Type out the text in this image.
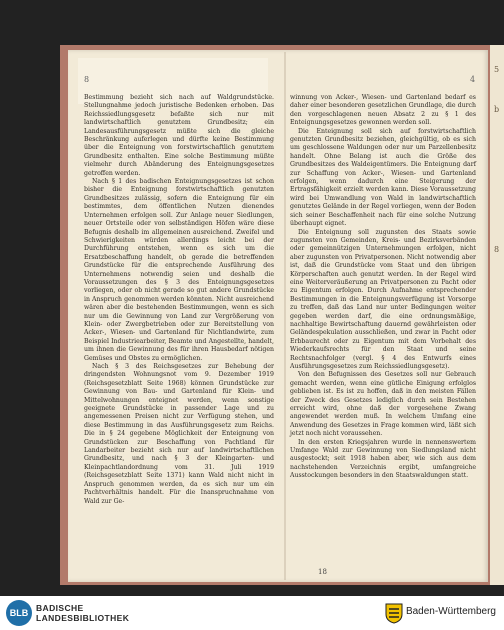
5
b
8
8	4

Bestimmung bezieht sich nach auf Waldgrundstücke. Stellungnahme jedoch juristische Bedenken erhoben. Das Reichssiedlungsgesetz befaßte sich nur mit landwirtschaftlich genutztem Grundbesitz; ein Landesausführungsgesetz müßte sich die gleiche Beschränkung auferlegen und dürfte keine Bestimmung über die Enteignung von forstwirtschaftlich genutztem Grundbesitz enthalten. Eine solche Bestimmung müßte vielmehr durch Abänderung des Enteignungsgesetzes getroffen werden.

Nach § 1 des badischen Enteignungsgesetzes ist schon bisher die Enteignung forstwirtschaftlich genutzten Grundbesitzes zulässig, sofern die Enteignung für ein bestimmtes, dem öffentlichen Nutzen dienendes Unternehmen erfolgen soll. Zur Anlage neuer Siedlungen, neuer Ortsteile oder von selbständigen Höfen wäre diese Befugnis deshalb im allgemeinen ausreichend. Zweifel und Schwierigkeiten würden allerdings leicht bei der Durchführung entstehen, wenn es sich um die Ersatzbeschaffung handelt, ob gerade die betreffenden Grundstücke für die entsprechende Ausführung des Unternehmens notwendig seien und deshalb die Voraussetzungen des § 3 des Enteignungsgesetzes vorliegen, oder ob nicht gerade so gut andere Grundstücke in Anspruch genommen werden könnten. Nicht ausreichend wären aber die bestehenden Bestimmungen, wenn es sich nur um die Gewinnung von Land zur Vergrößerung von Klein- oder Zwergbetrieben oder zur Bereitstellung von Acker-, Wiesen- und Gartenland für Nichtlandwirte, zum Beispiel Industriearbeiter, Beamte und Angestellte, handelt, um ihnen die Gewinnung des für ihren Hausbedarf nötigen Gemüses und Obstes zu ermöglichen.

Nach § 3 des Reichsgesetzes zur Behebung der dringendsten Wohnungsnot vom 9. Dezember 1919 (Reichsgesetzblatt Seite 1968) können Grundstücke zur Gewinnung von Bau- und Gartenland für Klein- und Mittelwohnungen enteignet werden, wenn sonstige geeignete Grundstücke in passender Lage und zu angemessenen Preisen nicht zur Verfügung stehen, und diese Bestimmung in das Ausführungsgesetz zum Reichs. Die in § 24 gegebene Möglichkeit der Enteignung von Grundstücken zur Beschaffung von Pachtland für Landarbeiter bezieht sich nur auf landwirtschaftlichen Grundbesitz, und nach § 3 der Kleingarten- und Kleinpachtlandordnung vom 31. Juli 1919 (Reichsgesetzblatt Seite 1371) kann Wald nicht nicht in Anspruch genommen werden, da es sich nur um ein Pachtverhältnis handelt. Für die Inanspruchnahme von Wald zur Ge-

winnung von Acker-, Wiesen- und Gartenland bedarf es daher einer besonderen gesetzlichen Grundlage, die durch den vorgeschlagenen neuen Absatz 2 zu § 1 des Enteignungsgesetzes gewonnen werden soll.

Die Enteignung soll sich auf forstwirtschaftlich genutzten Grundbesitz beziehen, gleichgültig, ob es sich um geschlossene Waldungen oder nur um Parzellenbesitz handelt. Ohne Belang ist auch die Größe des Grundbesitzes des Waldeigentümers. Die Enteignung darf zur Schaffung von Acker-, Wiesen- und Gartenland erfolgen, wenn dadurch eine Steigerung der Ertragsfähigkeit erzielt werden kann. Diese Voraussetzung wird bei Umwandlung von Wald in landwirtschaftlich genutztes Gelände in der Regel vorliegen, wenn der Boden sich seiner Beschaffenheit nach für eine solche Nutzung überhaupt eignet.

Die Enteignung soll zugunsten des Staats sowie zugunsten von Gemeinden, Kreis- und Bezirksverbänden oder gemeinnützigen Unternehmungen erfolgen, nicht aber zugunsten von Privatpersonen. Nicht notwendig aber ist, daß die Grundstücke vom Staat und den übrigen Körperschaften auch genutzt werden. In der Regel wird eine Weiterveräußerung an Privatpersonen zu Pacht oder zu Eigentum erfolgen. Durch Aufnahme entsprechender Bestimmungen in die Enteignungsverfügung ist Vorsorge zu treffen, daß das Land nur unter Bedingungen weiter gegeben werden darf, die eine ordnungsmäßige, nachhaltige Bewirtschaftung dauernd gewährleisten oder Geländespekulation ausschließen, und zwar in Pacht oder Erbbaurecht oder zu Eigentum mit dem Vorbehalt des Wiederkaufsrechts für den Staat und seine Rechtsnachfolger (vergl. § 4 des Entwurfs eines Ausführungsgesetzes zum Reichssiedlungsgesetz).

Von den Befugnissen des Gesetzes soll nur Gebrauch gemacht werden, wenn eine gütliche Einigung erfolglos geblieben ist. Es ist zu hoffen, daß in den meisten Fällen der Zweck des Gesetzes lediglich durch sein Bestehen erreicht wird, ohne daß der vorgesehene Zwang angewendet werden muß. In welchem Umfang eine Anwendung des Gesetzes in Frage kommen wird, läßt sich jetzt noch nicht voraussehen.

In den ersten Kriegsjahren wurde in nennenswertem Umfange Wald zur Gewinnung von Siedlungsland nicht ausgestockt; seit 1918 haben aber, wie sich aus dem nachstehenden Verzeichnis ergibt, umfangreiche Ausstockungen besonders in den Staatswaldungen statt.

18
BLB BADISCHE
LANDESBIBLIOTHEK
Baden-Württemberg
